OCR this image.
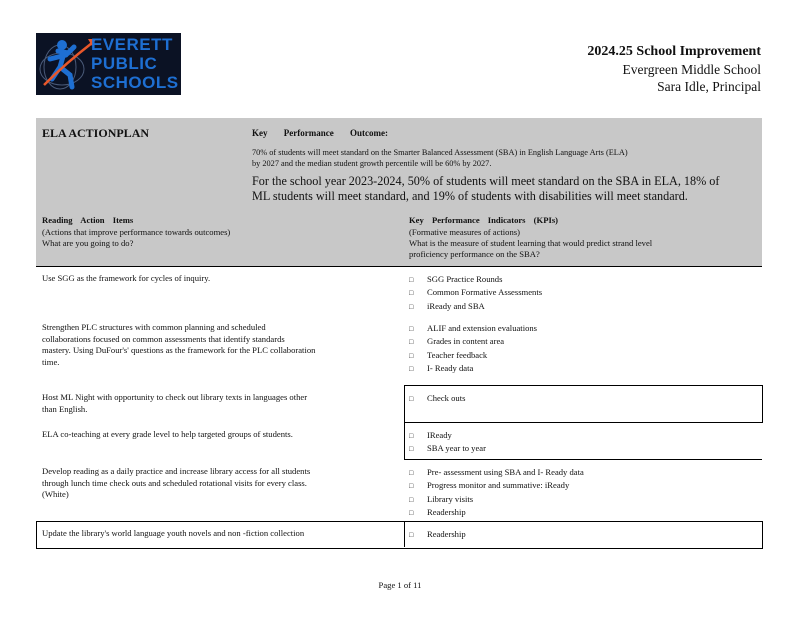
EVERETT
PUBLIC
SCHOOLS
2024.25 School Improvement
Evergreen Middle School
Sara Idle, Principal
ELA ACTIONPLAN	Key Performance Outcome:
70% of students will meet standard on the Smarter Balanced Assessment (SBA) in English Language Arts (ELA)
by 2027 and the median student growth percentile will be 60% by 2027.
For the school year 2023-2024, 50% of students will meet standard on the SBA in ELA, 18% of
ML students will meet standard, and 19% of students with disabilities will meet standard.
Reading Action Items
(Actions that improve performance towards outcomes)
What are you going to do?
Key Performance Indicators (KPIs)
(Formative measures of actions)
What is the measure of student learning that would predict strand level
proficiency performance on the SBA?
Use SGG as the framework for cycles of inquiry.	□ SGG Practice Rounds
□ Common Formative Assessments
□ iReady and SBA
Strengthen PLC structures with common planning and scheduled
collaborations focused on common assessments that identify standards
mastery. Using DuFour's' questions as the framework for the PLC collaboration
time.
□ ALIF and extension evaluations
□ Grades in content area
□ Teacher feedback
□ I- Ready data
Host ML Night with opportunity to check out library texts in languages other
than English.
□ Check outs
ELA co-teaching at every grade level to help targeted groups of students.	□ IReady
□ SBA year to year
Develop reading as a daily practice and increase library access for all students
through lunch time check outs and scheduled rotational visits for every class.
(White)
□ Pre- assessment using SBA and I- Ready data
□ Progress monitor and summative: iReady
□ Library visits
□ Readership
Update the library's world language youth novels and non -fiction collection	□ Readership
Page 1 of 11
